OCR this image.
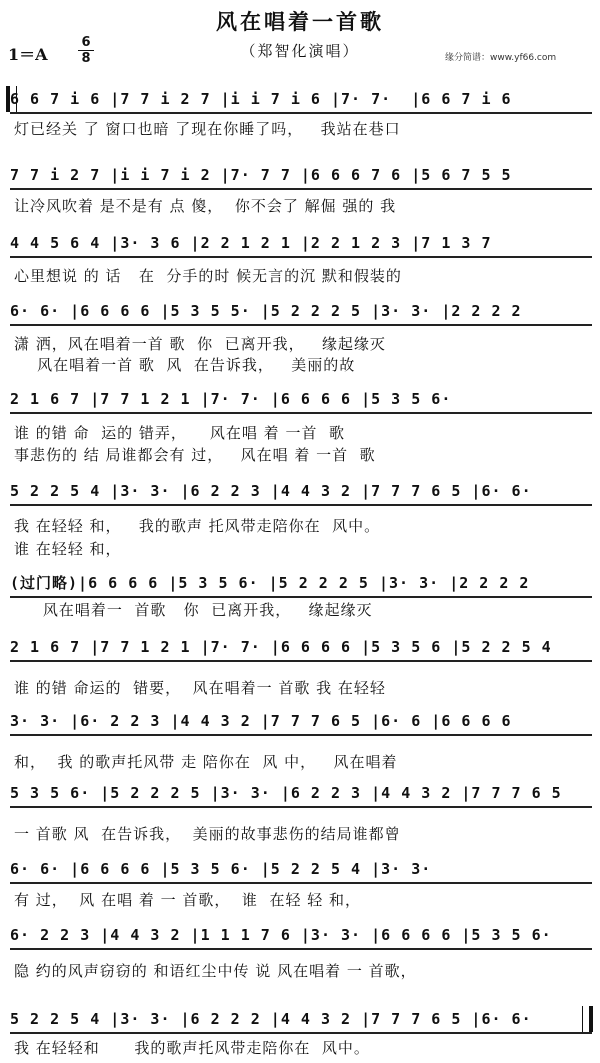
风在唱着一首歌
1＝A
6
8	（郑智化演唱）	缘分简谱：www.yf66.com
6 6 7 i 6 |7 7 i 2 7 |i i 7 i 6 |7· 7·  |6 6 7 i 6
灯已经关 了 窗口也暗 了现在你睡了吗，   我站在巷口
7 7 i 2 7 |i i 7 i 2 |7· 7 7 |6 6 6 7 6 |5 6 7 5 5
让冷风吹着 是不是有 点 傻，  你不会了 解倔 强的 我
4 4 5 6 4 |3· 3 6 |2 2 1 2 1 |2 2 1 2 3 |7 1 3 7
心里想说 的 话   在  分手的时 候无言的沉 默和假装的
6· 6· |6 6 6 6 |5 3 5 5· |5 2 2 2 5 |3· 3· |2 2 2 2
潇 洒，风在唱着一首 歌  你  已离开我，   缘起缘灭
风在唱着一首 歌  风  在告诉我，   美丽的故
2 1 6 7 |7 7 1 2 1 |7· 7· |6 6 6 6 |5 3 5 6·
谁 的错 命  运的 错弄，    风在唱 着 一首  歌
事悲伤的 结 局谁都会有 过，   风在唱 着 一首  歌
5 2 2 5 4 |3· 3· |6 2 2 3 |4 4 3 2 |7 7 7 6 5 |6· 6·
我 在轻轻 和，   我的歌声 托风带走陪你在  风中。
谁 在轻轻 和，
(过门略)|6 6 6 6 |5 3 5 6· |5 2 2 2 5 |3· 3· |2 2 2 2
风在唱着一  首歌   你  已离开我，   缘起缘灭
2 1 6 7 |7 7 1 2 1 |7· 7· |6 6 6 6 |5 3 5 6 |5 2 2 5 4
谁 的错 命运的  错要，  风在唱着一 首歌 我 在轻轻
3· 3· |6· 2 2 3 |4 4 3 2 |7 7 7 6 5 |6· 6 |6 6 6 6
和，  我 的歌声托风带 走 陪你在  风 中，   风在唱着
5 3 5 6· |5 2 2 2 5 |3· 3· |6 2 2 3 |4 4 3 2 |7 7 7 6 5
一 首歌 风  在告诉我，  美丽的故事悲伤的结局谁都曾
6· 6· |6 6 6 6 |5 3 5 6· |5 2 2 5 4 |3· 3·
有 过，  风 在唱 着 一 首歌，  谁  在轻 轻 和，
6· 2 2 3 |4 4 3 2 |1 1 1 7 6 |3· 3· |6 6 6 6 |5 3 5 6·
隐 约的风声窃窃的 和语红尘中传 说 风在唱着 一 首歌，
5 2 2 5 4 |3· 3· |6 2 2 2 |4 4 3 2 |7 7 7 6 5 |6· 6·
我 在轻轻和      我的歌声托风带走陪你在  风中。
